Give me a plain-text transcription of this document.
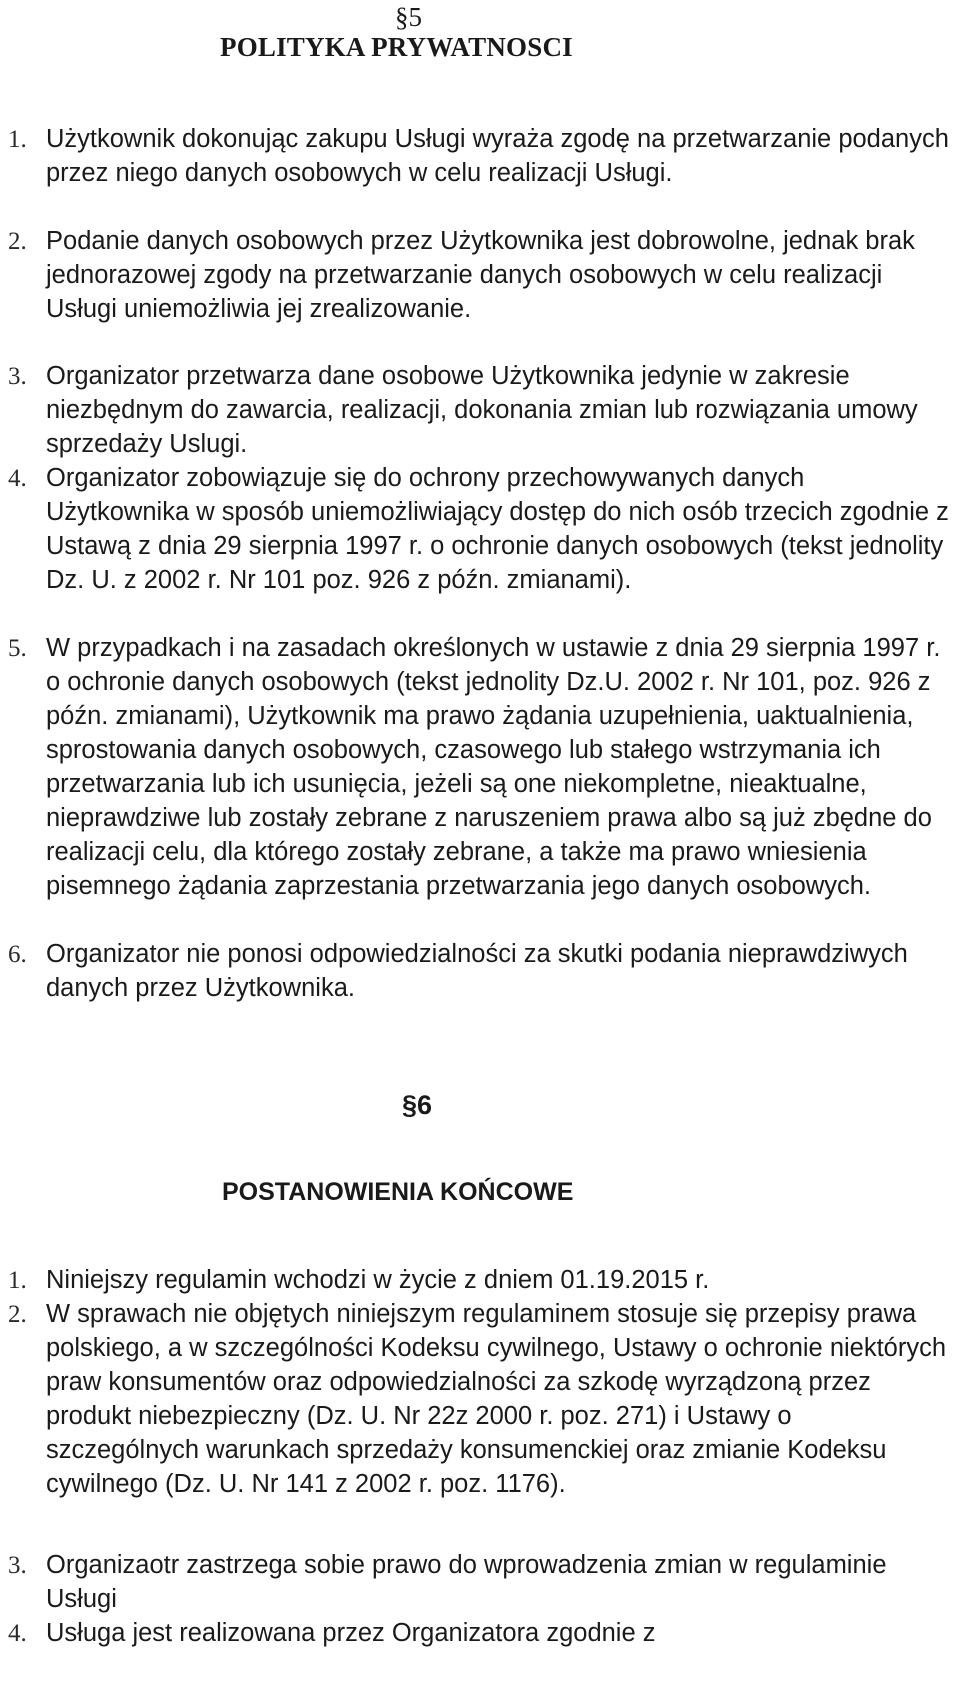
§5
POLITYKA PRYWATNOSCI
1. Użytkownik dokonując zakupu Usługi wyraża zgodę na przetwarzanie podanych przez niego danych osobowych w celu realizacji Usługi.

2. Podanie danych osobowych przez Użytkownika jest dobrowolne, jednak brak jednorazowej zgody na przetwarzanie danych osobowych w celu realizacji Usługi uniemożliwia jej zrealizowanie.

3. Organizator przetwarza dane osobowe Użytkownika jedynie w zakresie niezbędnym do zawarcia, realizacji, dokonania zmian lub rozwiązania umowy sprzedaży Uslugi.

4. Organizator zobowiązuje się do ochrony przechowywanych danych Użytkownika w sposób uniemożliwiający dostęp do nich osób trzecich zgodnie z Ustawą z dnia 29 sierpnia 1997 r. o ochronie danych osobowych (tekst jednolity Dz. U. z 2002 r. Nr 101 poz. 926 z późn. zmianami).

5. W przypadkach i na zasadach określonych w ustawie z dnia 29 sierpnia 1997 r. o ochronie danych osobowych (tekst jednolity Dz.U. 2002 r. Nr 101, poz. 926 z późn. zmianami), Użytkownik ma prawo żądania uzupełnienia, uaktualnienia, sprostowania danych osobowych, czasowego lub stałego wstrzymania ich przetwarzania lub ich usunięcia, jeżeli są one niekompletne, nieaktualne, nieprawdziwe lub zostały zebrane z naruszeniem prawa albo są już zbędne do realizacji celu, dla którego zostały zebrane, a także ma prawo wniesienia pisemnego żądania zaprzestania przetwarzania jego danych osobowych.

6. Organizator nie ponosi odpowiedzialności za skutki podania nieprawdziwych danych przez Użytkownika.

§6
POSTANOWIENIA KOŃCOWE
1. Niniejszy regulamin wchodzi w życie z dniem 01.19.2015 r.

2. W sprawach nie objętych niniejszym regulaminem stosuje się przepisy prawa polskiego, a w szczególności Kodeksu cywilnego, Ustawy o ochronie niektórych praw konsumentów oraz odpowiedzialności za szkodę wyrządzoną przez produkt niebezpieczny (Dz. U. Nr 22z 2000 r. poz. 271) i Ustawy o szczególnych warunkach sprzedaży konsumenckiej oraz zmianie Kodeksu cywilnego (Dz. U. Nr 141 z 2002 r. poz. 1176).

3. Organizaotr zastrzega sobie prawo do wprowadzenia zmian w regulaminie Usługi

4. Usługa jest realizowana przez Organizatora zgodnie z
